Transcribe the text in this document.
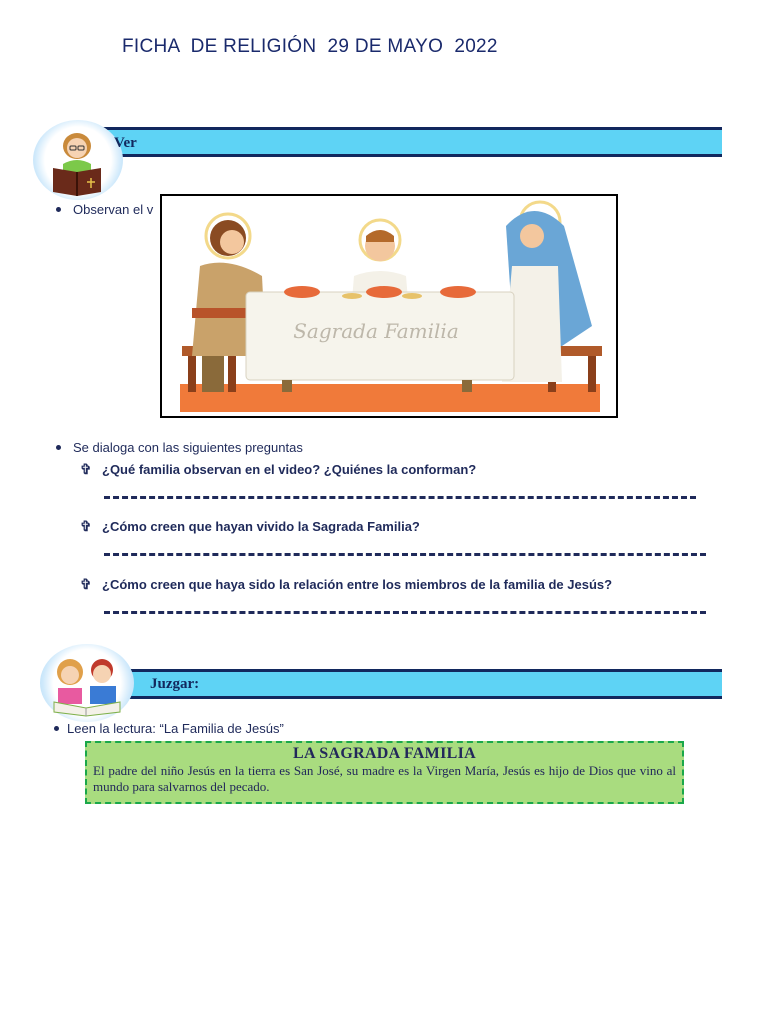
FICHA  DE RELIGIÓN  29 DE MAYO  2022
Ver
Observan el v
Sagrada Familia
Se dialoga con las siguientes preguntas
✞ ¿Qué familia observan en el video? ¿Quiénes la conforman?
✞ ¿Cómo creen que hayan vivido la Sagrada Familia?
✞ ¿Cómo creen que haya sido la relación entre los miembros de la familia de Jesús?
Juzgar:
Leen la lectura: “La Familia de Jesús”
LA SAGRADA FAMILIA
El padre del niño Jesús en la tierra es San José, su madre es la Virgen María, Jesús es hijo de Dios que vino al mundo para salvarnos del pecado.
